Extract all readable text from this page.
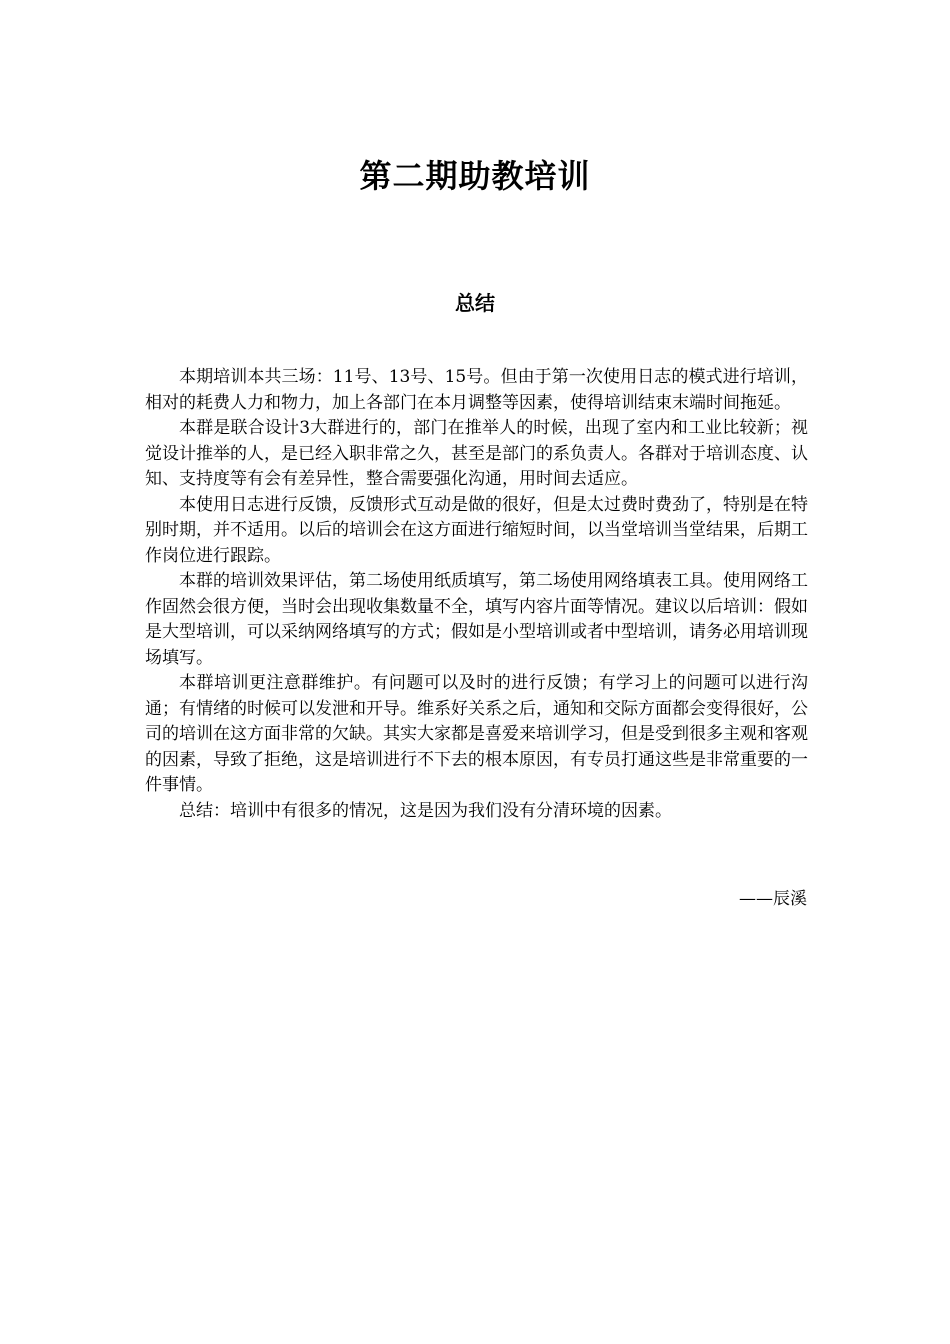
第二期助教培训
总结

本期培训本共三场：11号、13号、15号。但由于第一次使用日志的模式进行培训，相对的耗费人力和物力，加上各部门在本月调整等因素，使得培训结束末端时间拖延。

本群是联合设计3大群进行的，部门在推举人的时候，出现了室内和工业比较新；视觉设计推举的人，是已经入职非常之久，甚至是部门的系负责人。各群对于培训态度、认知、支持度等有会有差异性，整合需要强化沟通，用时间去适应。

本使用日志进行反馈，反馈形式互动是做的很好，但是太过费时费劲了，特别是在特别时期，并不适用。以后的培训会在这方面进行缩短时间，以当堂培训当堂结果，后期工作岗位进行跟踪。

本群的培训效果评估，第二场使用纸质填写，第二场使用网络填表工具。使用网络工作固然会很方便，当时会出现收集数量不全，填写内容片面等情况。建议以后培训：假如是大型培训，可以采纳网络填写的方式；假如是小型培训或者中型培训，请务必用培训现场填写。

本群培训更注意群维护。有问题可以及时的进行反馈；有学习上的问题可以进行沟通；有情绪的时候可以发泄和开导。维系好关系之后，通知和交际方面都会变得很好，公司的培训在这方面非常的欠缺。其实大家都是喜爱来培训学习，但是受到很多主观和客观的因素，导致了拒绝，这是培训进行不下去的根本原因，有专员打通这些是非常重要的一件事情。

总结：培训中有很多的情况，这是因为我们没有分清环境的因素。

——辰溪
